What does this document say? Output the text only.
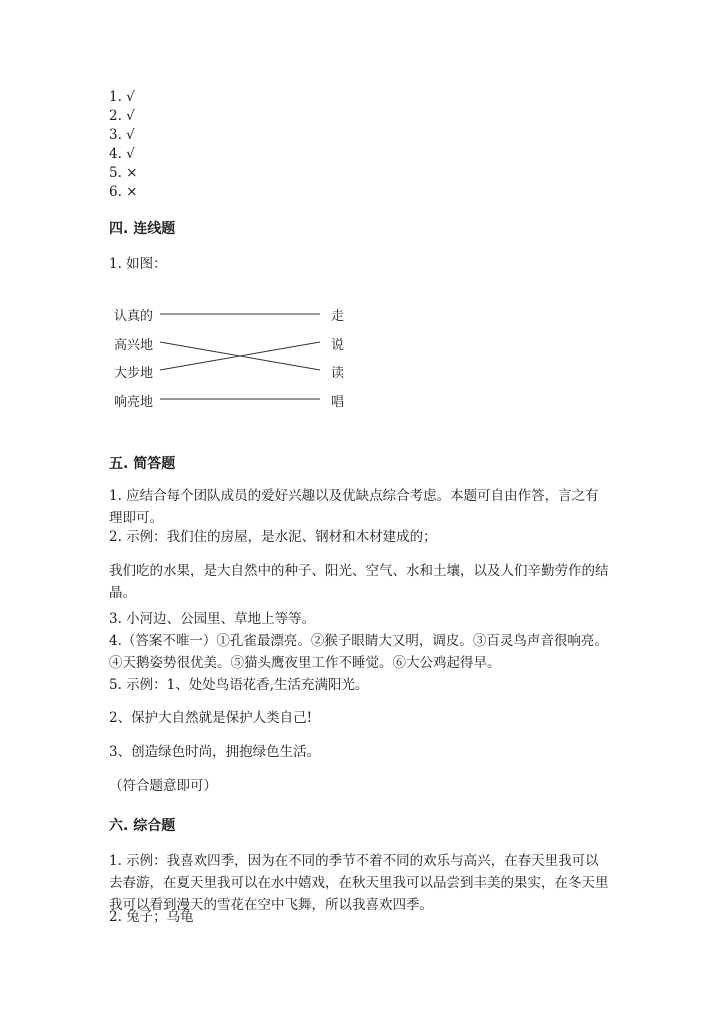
1. √
2. √
3. √
4. √
5. ×
6. ×
四. 连线题
1. 如图：
认真的
高兴地
大步地
响亮地
走
说
读
唱
五. 简答题
1. 应结合每个团队成员的爱好兴趣以及优缺点综合考虑。本题可自由作答，言之有理即可。
2. 示例：我们住的房屋，是水泥、钢材和木材建成的；
我们吃的水果，是大自然中的种子、阳光、空气、水和土壤，以及人们辛勤劳作的结晶。
3. 小河边、公园里、草地上等等。
4.（答案不唯一）①孔雀最漂亮。②猴子眼睛大又明，调皮。③百灵鸟声音很响亮。 ④天鹅姿势很优美。⑤猫头鹰夜里工作不睡觉。⑥大公鸡起得早。
5. 示例：1、处处鸟语花香,生活充满阳光。
2、保护大自然就是保护人类自己!
3、创造绿色时尚，拥抱绿色生活。
（符合题意即可）
六. 综合题
1. 示例：我喜欢四季，因为在不同的季节不着不同的欢乐与高兴，在春天里我可以去春游，在夏天里我可以在水中嬉戏，在秋天里我可以品尝到丰美的果实，在冬天里我可以看到漫天的雪花在空中飞舞，所以我喜欢四季。
2. 兔子；乌龟
